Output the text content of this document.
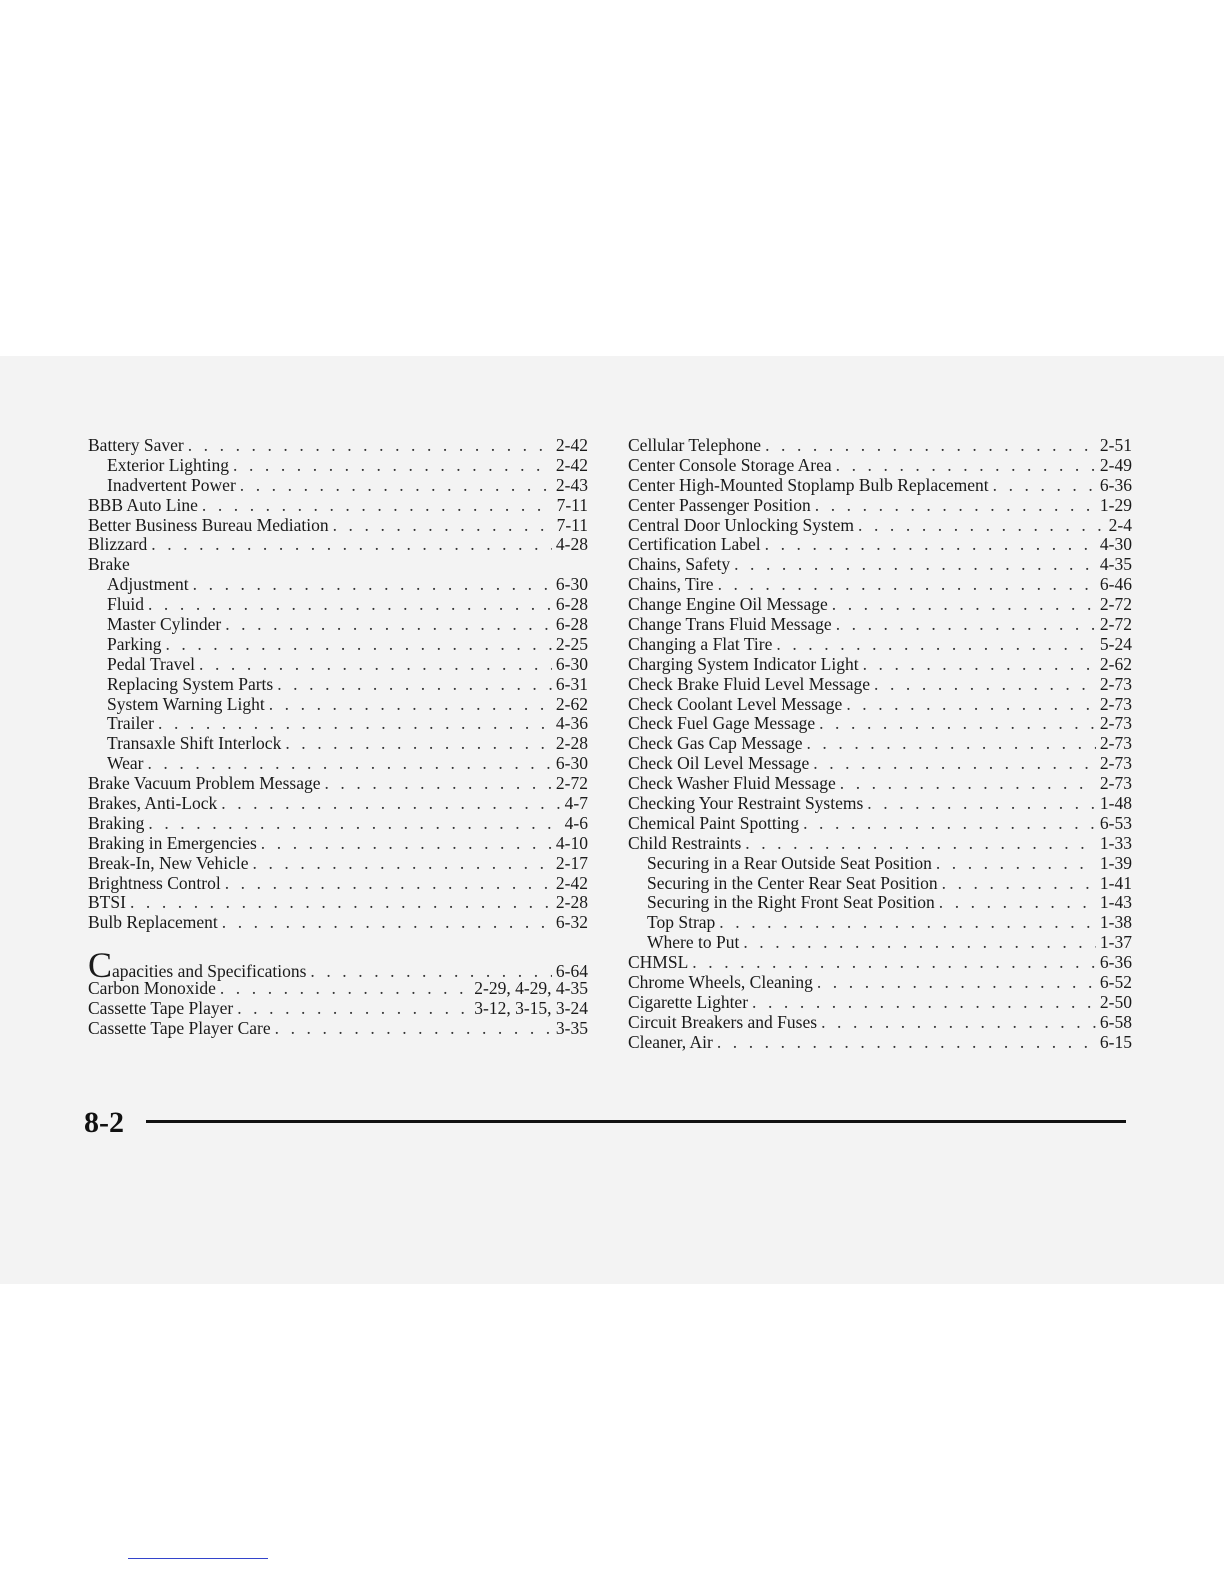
Battery Saver . . .	2-42
Exterior Lighting . . .	2-42
Inadvertent Power . . .	2-43
BBB Auto Line . . .	7-11
Better Business Bureau Mediation . . .	7-11
Blizzard . . .	4-28
Brake
Adjustment . . .	6-30
Fluid . . .	6-28
Master Cylinder . . .	6-28
Parking . . .	2-25
Pedal Travel . . .	6-30
Replacing System Parts . . .	6-31
System Warning Light . . .	2-62
Trailer . . .	4-36
Transaxle Shift Interlock . . .	2-28
Wear . . .	6-30
Brake Vacuum Problem Message . . .	2-72
Brakes, Anti-Lock . . .	4-7
Braking . . .	4-6
Braking in Emergencies . . .	4-10
Break-In, New Vehicle . . .	2-17
Brightness Control . . .	2-42
BTSI . . .	2-28
Bulb Replacement . . .	6-32
Capacities and Specifications . . .	6-64
Carbon Monoxide . . .	2-29, 4-29, 4-35
Cassette Tape Player . . .	3-12, 3-15, 3-24
Cassette Tape Player Care . . .	3-35
Cellular Telephone . . .	2-51
Center Console Storage Area . . .	2-49
Center High-Mounted Stoplamp Bulb Replacement . . .	6-36
Center Passenger Position . . .	1-29
Central Door Unlocking System . . .	2-4
Certification Label . . .	4-30
Chains, Safety . . .	4-35
Chains, Tire . . .	6-46
Change Engine Oil Message . . .	2-72
Change Trans Fluid Message . . .	2-72
Changing a Flat Tire . . .	5-24
Charging System Indicator Light . . .	2-62
Check Brake Fluid Level Message . . .	2-73
Check Coolant Level Message . . .	2-73
Check Fuel Gage Message . . .	2-73
Check Gas Cap Message . . .	2-73
Check Oil Level Message . . .	2-73
Check Washer Fluid Message . . .	2-73
Checking Your Restraint Systems . . .	1-48
Chemical Paint Spotting . . .	6-53
Child Restraints . . .	1-33
Securing in a Rear Outside Seat Position . . .	1-39
Securing in the Center Rear Seat Position . . .	1-41
Securing in the Right Front Seat Position . . .	1-43
Top Strap . . .	1-38
Where to Put . . .	1-37
CHMSL . . .	6-36
Chrome Wheels, Cleaning . . .	6-52
Cigarette Lighter . . .	2-50
Circuit Breakers and Fuses . . .	6-58
Cleaner, Air . . .	6-15
8-2
